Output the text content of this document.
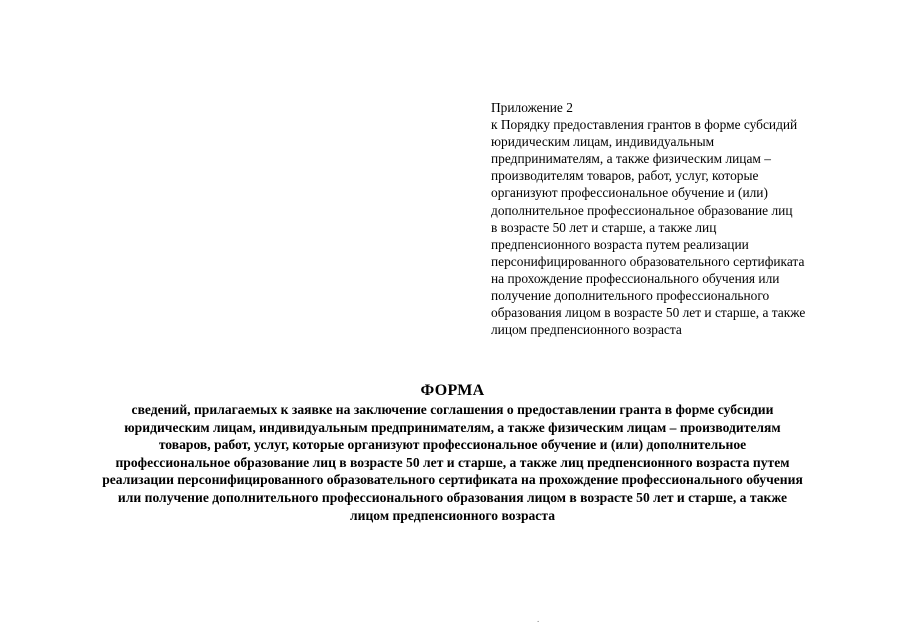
Приложение 2
к Порядку предоставления грантов в форме субсидий
юридическим лицам, индивидуальным
предпринимателям, а также физическим лицам –
производителям товаров, работ, услуг, которые
организуют профессиональное обучение и (или)
дополнительное профессиональное образование лиц
в возрасте 50 лет и старше, а также лиц
предпенсионного возраста путем реализации
персонифицированного образовательного сертификата
на прохождение профессионального обучения или
получение дополнительного профессионального
образования лицом в возрасте 50 лет и старше, а также
лицом предпенсионного возраста
ФОРМА
сведений, прилагаемых к заявке на заключение соглашения о предоставлении гранта в форме субсидии
юридическим лицам, индивидуальным предпринимателям, а также физическим лицам – производителям
товаров, работ, услуг, которые организуют профессиональное обучение и (или) дополнительное
профессиональное образование лиц в возрасте 50 лет и старше, а также лиц предпенсионного возраста путем
реализации персонифицированного образовательного сертификата на прохождение профессионального обучения
или получение дополнительного профессионального образования лицом в возрасте 50 лет и старше, а также
лицом предпенсионного возраста
.
